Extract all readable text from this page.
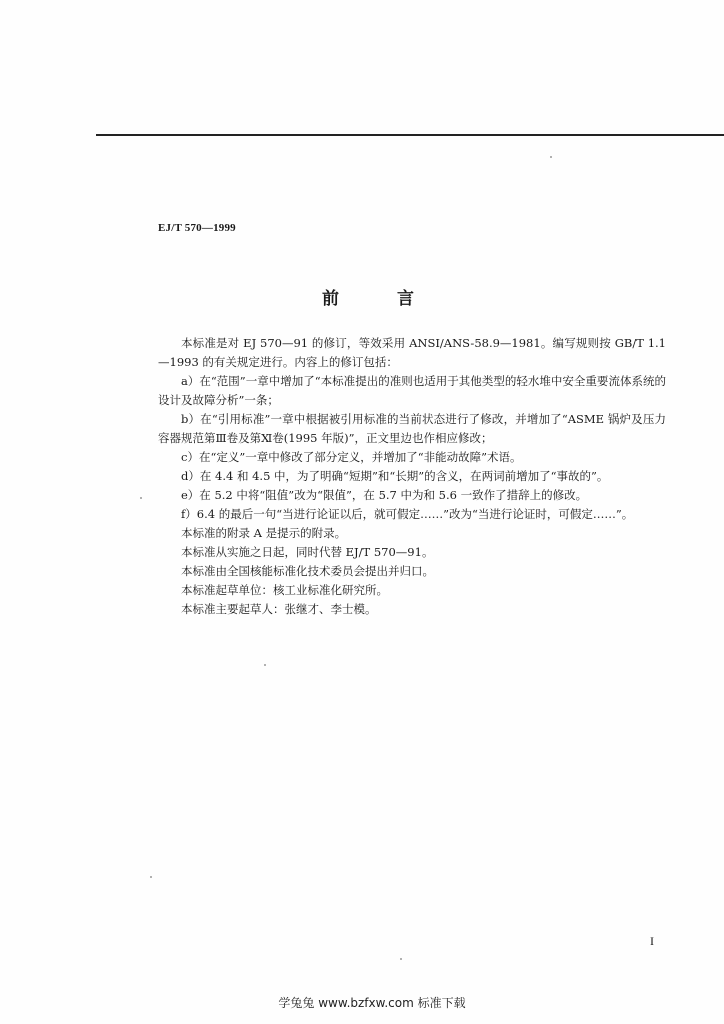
EJ/T 570—1999
前 言

本标准是对 EJ 570—91 的修订，等效采用 ANSI/ANS-58.9—1981。编写规则按 GB/T 1.1—1993 的有关规定进行。内容上的修订包括：

a）在“范围”一章中增加了“本标准提出的准则也适用于其他类型的轻水堆中安全重要流体系统的设计及故障分析”一条；

b）在“引用标准”一章中根据被引用标准的当前状态进行了修改，并增加了“ASME 锅炉及压力容器规范第Ⅲ卷及第Ⅺ卷(1995 年版)”，正文里边也作相应修改；

c）在“定义”一章中修改了部分定义，并增加了“非能动故障”术语。

d）在 4.4 和 4.5 中，为了明确“短期”和“长期”的含义，在两词前增加了“事故的”。

e）在 5.2 中将“阻值”改为“限值”，在 5.7 中为和 5.6 一致作了措辞上的修改。

f）6.4 的最后一句“当进行论证以后，就可假定……”改为“当进行论证时，可假定……”。

本标准的附录 A 是提示的附录。

本标准从实施之日起，同时代替 EJ/T 570—91。

本标准由全国核能标准化技术委员会提出并归口。

本标准起草单位：核工业标准化研究所。

本标准主要起草人：张继才、李士模。

I
学兔兔 www.bzfxw.com 标准下载
